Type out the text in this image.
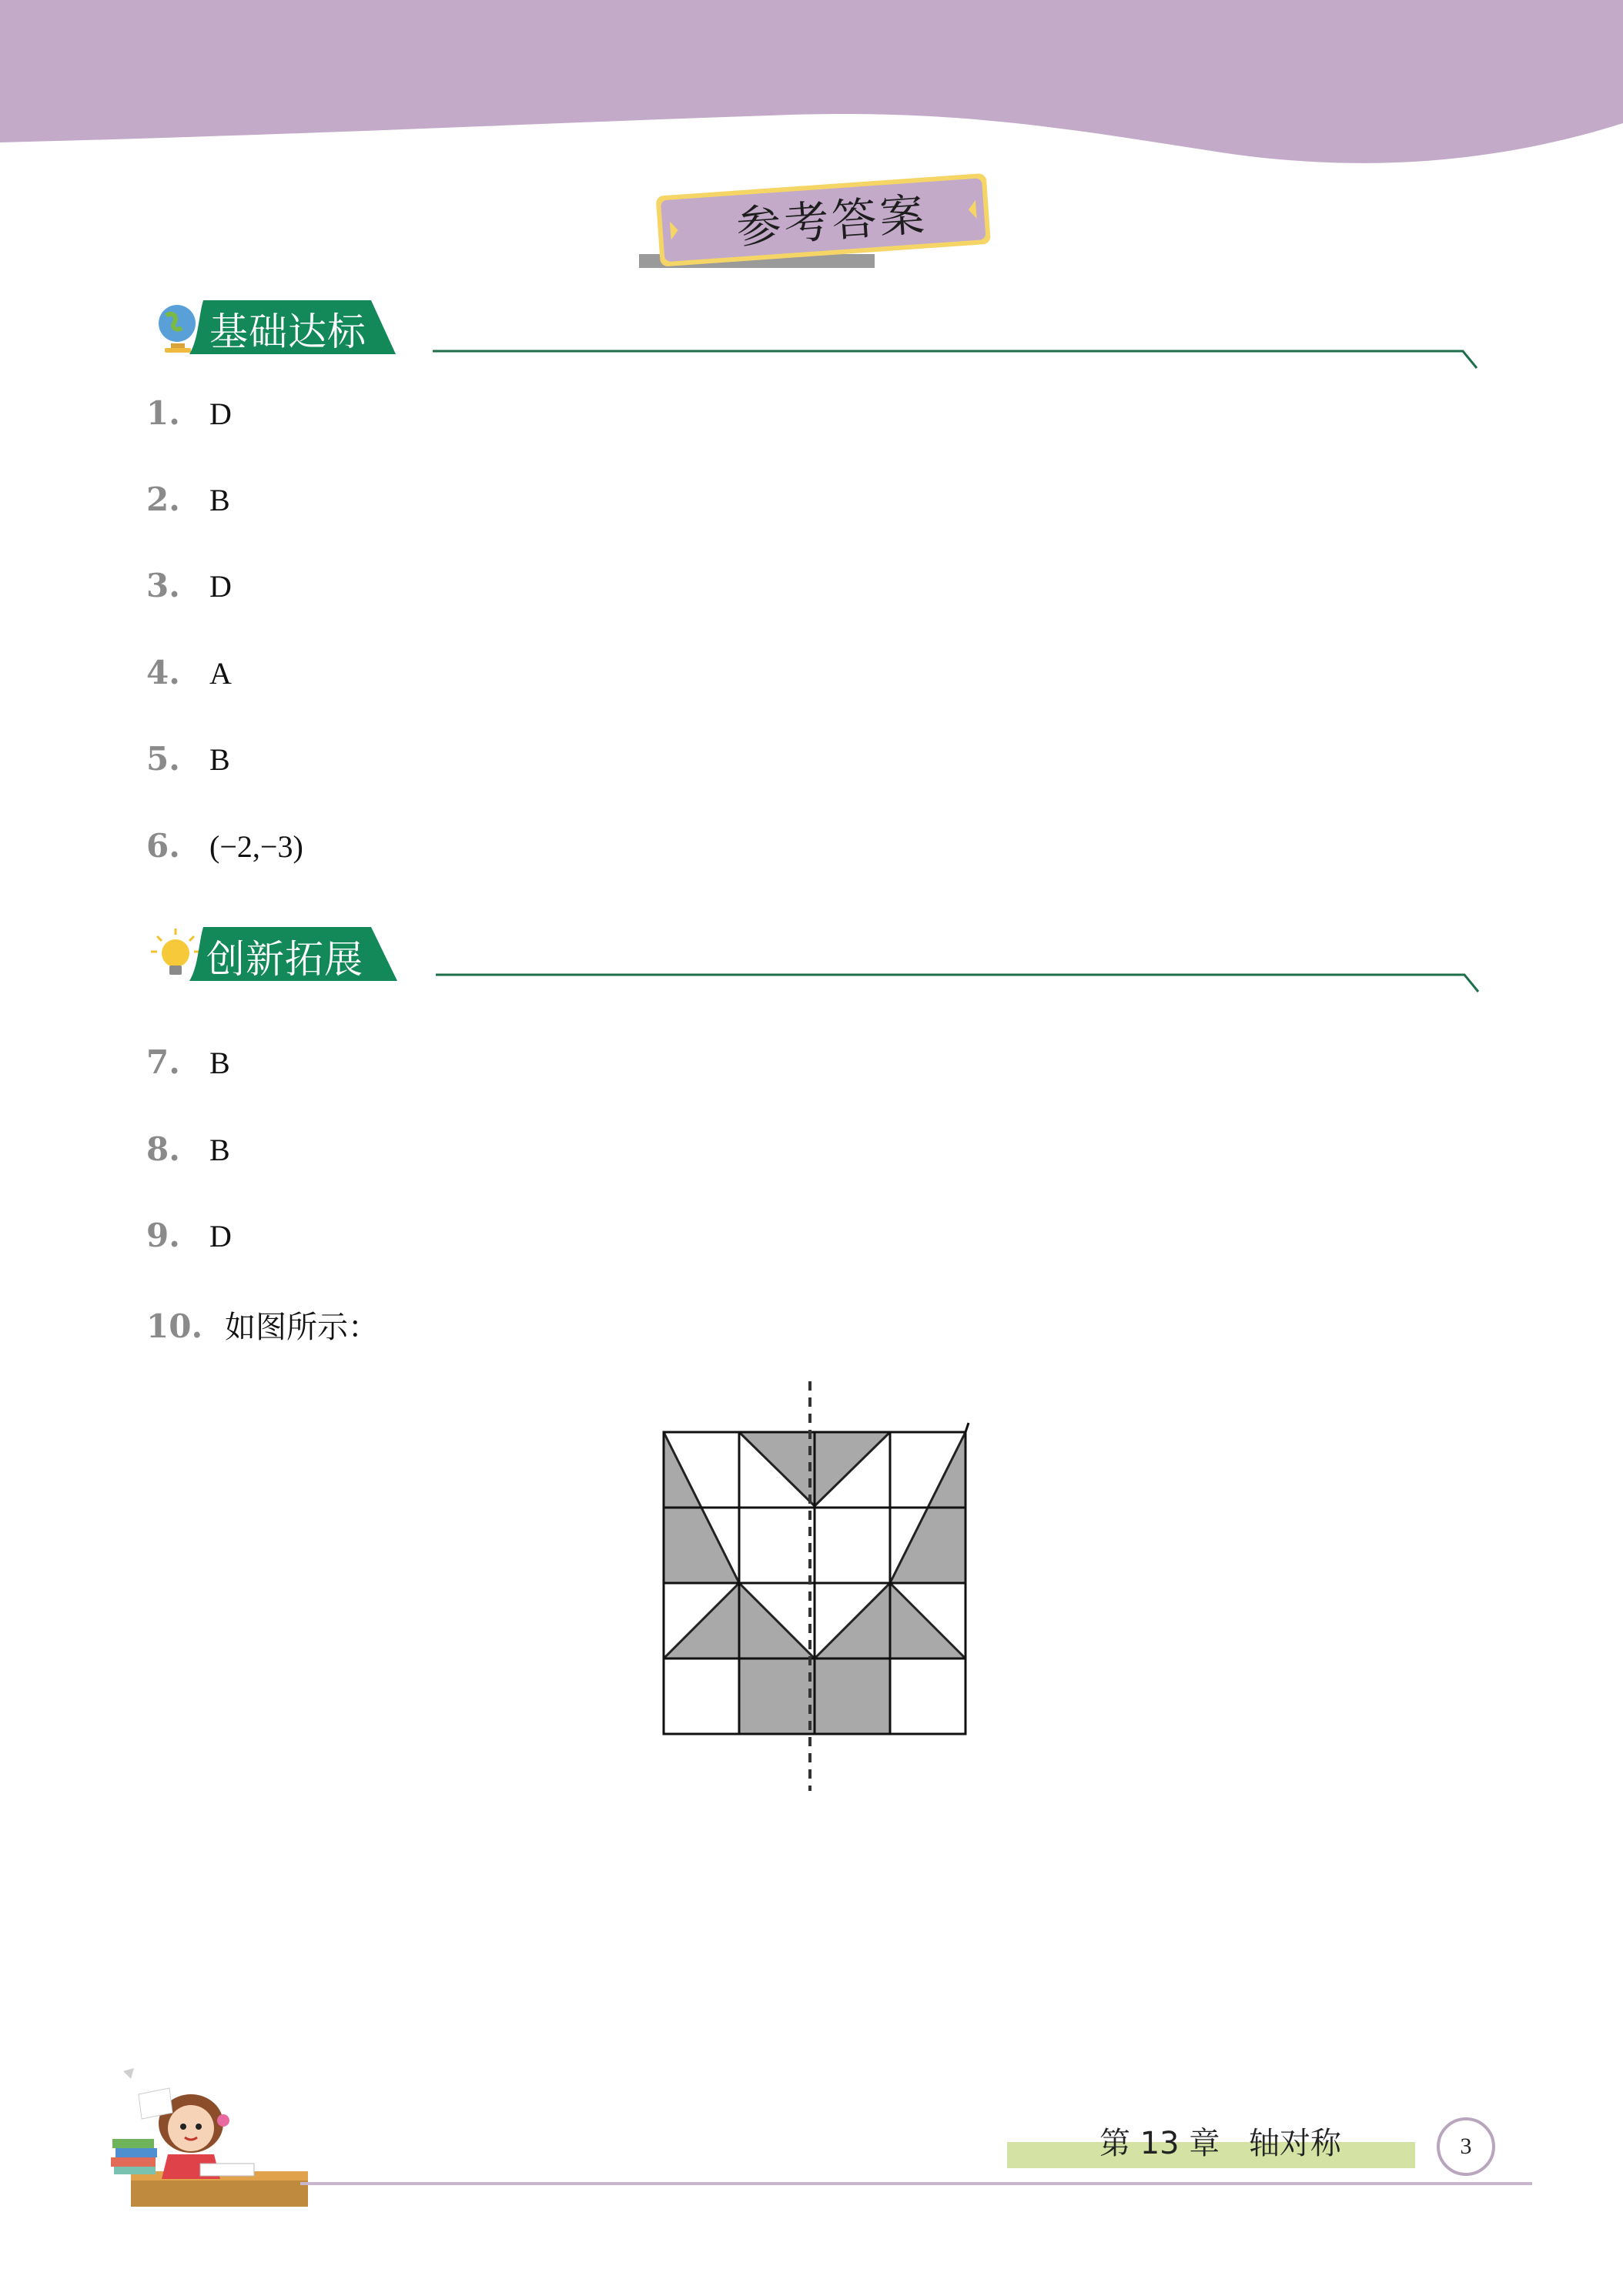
参考答案
基础达标
1. D
2. B
3. D
4. A
5. B
6. (−2,−3)
创新拓展
7. B
8. B
9. D
10. 如图所示：
第 13 章 轴对称	3
